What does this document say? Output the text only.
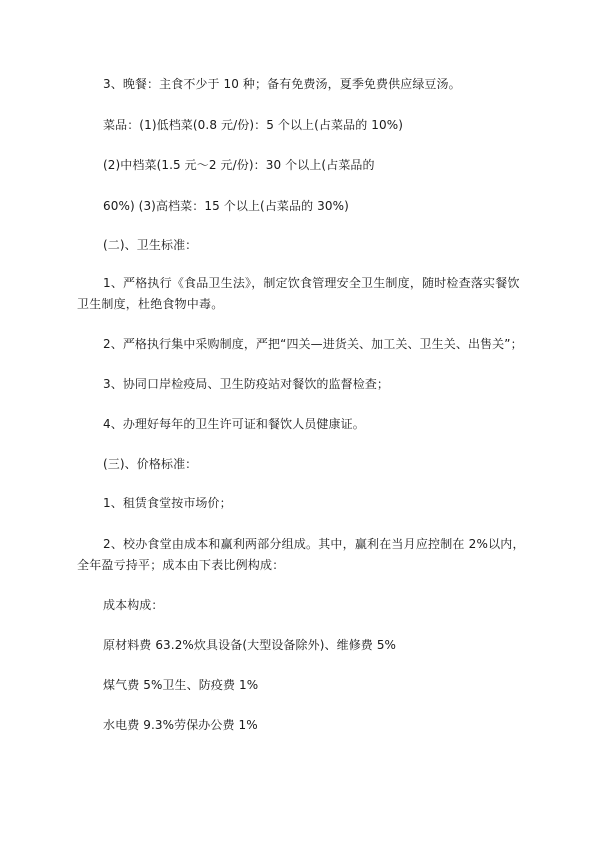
3、晚餐：主食不少于 10 种；备有免费汤，夏季免费供应绿豆汤。
菜品：(1)低档菜(0.8 元/份)：5 个以上(占菜品的 10%)
(2)中档菜(1.5 元～2 元/份)：30 个以上(占菜品的
60%) (3)高档菜：15 个以上(占菜品的 30%)
(二)、卫生标准：
1、严格执行《食品卫生法》，制定饮食管理安全卫生制度，随时检查落实餐饮卫生制度，杜绝食物中毒。
2、严格执行集中采购制度，严把“四关—进货关、加工关、卫生关、出售关”；
3、协同口岸检疫局、卫生防疫站对餐饮的监督检查；
4、办理好每年的卫生许可证和餐饮人员健康证。
(三)、价格标准：
1、租赁食堂按市场价；
2、校办食堂由成本和赢利两部分组成。其中，赢利在当月应控制在 2%以内，全年盈亏持平；成本由下表比例构成：
成本构成：
原材料费 63.2%炊具设备(大型设备除外)、维修费 5%
煤气费 5%卫生、防疫费 1%
水电费 9.3%劳保办公费 1%
